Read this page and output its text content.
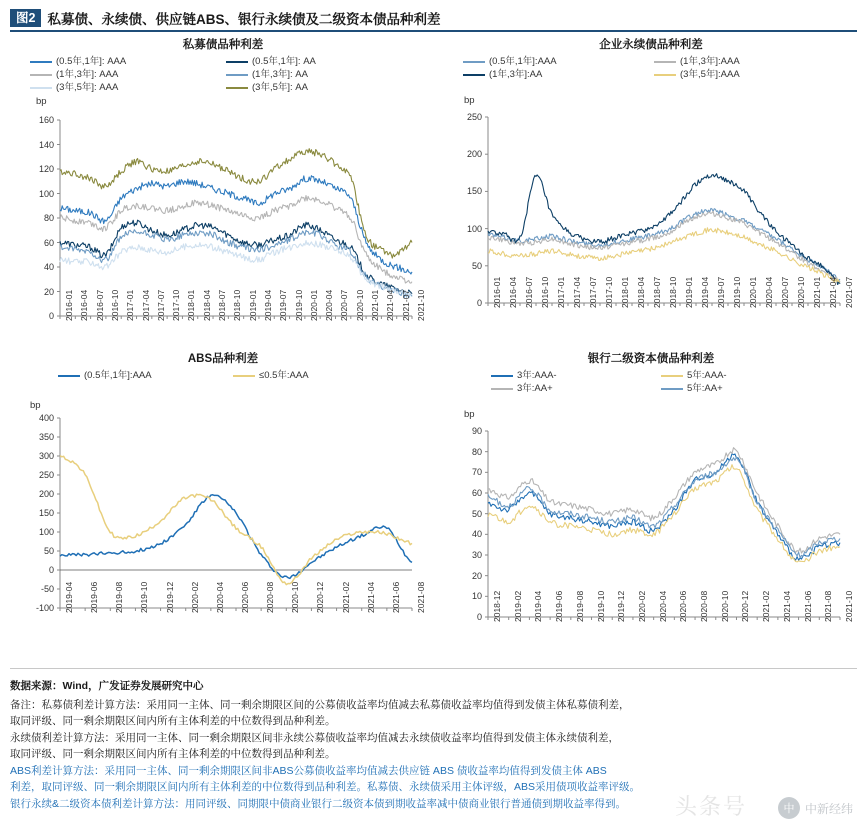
图2 私募债、永续债、供应链ABS、银行永续债及二级资本债品种利差
私募债品种利差
(0.5年,1年]: AAA	(0.5年,1年]: AA
(1年,3年]: AAA	(1年,3年]: AA
(3年,5年]: AAA	(3年,5年]: AA
bp
0
20
40
60
80
100
120
140
160
2016-01 2016-04 2016-07 2016-10 2017-01 2017-04 2017-07 2017-10 2018-01 2018-04 2018-07 2018-10 2019-01 2019-04 2019-07 2019-10 2020-01 2020-04 2020-07 2020-10 2021-01 2021-04 2021-07 2021-10
企业永续债品种利差
(0.5年,1年]:AAA	(1年,3年]:AAA
(1年,3年]:AA	(3年,5年]:AAA
bp
0
50
100
150
200
250
2016-01 2016-04 2016-07 2016-10 2017-01 2017-04 2017-07 2017-10 2018-01 2018-04 2018-07 2018-10 2019-01 2019-04 2019-07 2019-10 2020-01 2020-04 2020-07 2020-10 2021-01 2021-04 2021-07
ABS品种利差
(0.5年,1年]:AAA	≤0.5年:AAA
bp
-100
-50
0
50
100
150
200
250
300
350
400
2019-04 2019-06 2019-08 2019-10 2019-12 2020-02 2020-04 2020-06 2020-08 2020-10 2020-12 2021-02 2021-04 2021-06 2021-08
银行二级资本债品种利差
3年:AAA-	5年:AAA-
3年:AA+	5年:AA+
bp
0
10
20
30
40
50
60
70
80
90
2018-12 2019-02 2019-04 2019-06 2019-08 2019-10 2019-12 2020-02 2020-04 2020-06 2020-08 2020-10 2020-12 2021-02 2021-04 2021-06 2021-08 2021-10

数据来源：Wind，广发证券发展研究中心

备注：私募债利差计算方法：采用同一主体、同一剩余期限区间的公募债收益率均值减去私募债收益率均值得到发债主体私募债利差，

取同评级、同一剩余期限区间内所有主体利差的中位数得到品种利差。

永续债利差计算方法：采用同一主体、同一剩余期限区间非永续公募债收益率均值减去永续债收益率均值得到发债主体永续债利差，

取同评级、同一剩余期限区间内所有主体利差的中位数得到品种利差。

ABS利差计算方法：采用同一主体、同一剩余期限区间非ABS公募债收益率均值减去供应链 ABS 债收益率均值得到发债主体 ABS

利差，取同评级、同一剩余期限区间内所有主体利差的中位数得到品种利差。私募债、永续债采用主体评级，ABS采用债项收益率评级。

银行永续&二级资本债利差计算方法：用同评级、同期限中债商业银行二级资本债到期收益率减中债商业银行普通债到期收益率得到。	头条号	中 中新经纬
